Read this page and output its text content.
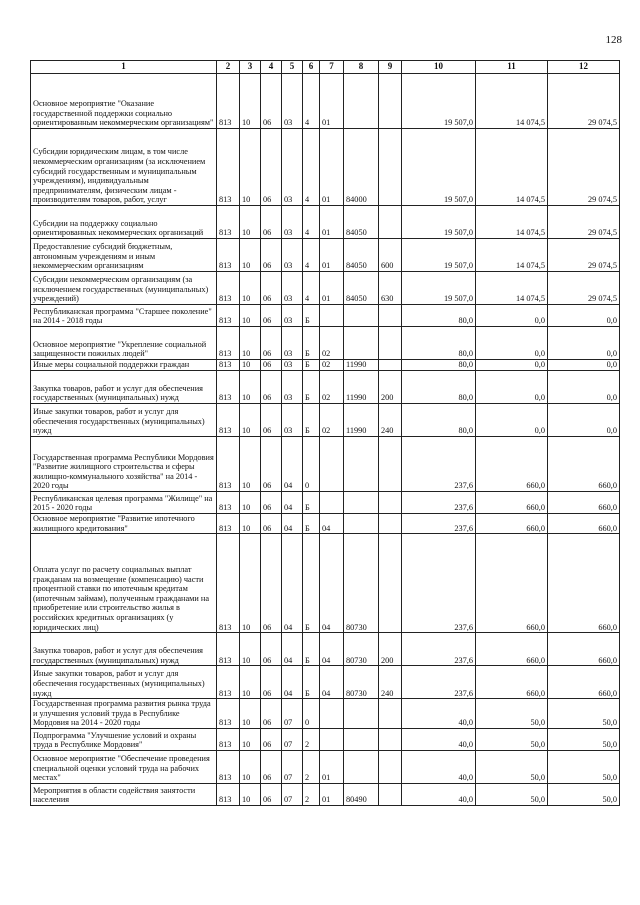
128
1	2	3	4	5	6	7	8	9	10	11	12
Основное мероприятие "Оказание государственной поддержки социально ориентированным некоммерческим организациям"	813	10	06	03	4	01			19 507,0	14 074,5	29 074,5
Субсидии юридическим лицам, в том числе некоммерческим организациям (за исключением субсидий государственным и муниципальным учреждениям), индивидуальным предпринимателям, физическим лицам - производителям товаров, работ, услуг	813	10	06	03	4	01	84000		19 507,0	14 074,5	29 074,5
Субсидии на поддержку социально ориентированных некоммерческих организаций	813	10	06	03	4	01	84050		19 507,0	14 074,5	29 074,5
Предоставление субсидий бюджетным, автономным учреждениям и иным некоммерческим организациям	813	10	06	03	4	01	84050	600	19 507,0	14 074,5	29 074,5
Субсидии некоммерческим организациям (за исключением государственных (муниципальных) учреждений)	813	10	06	03	4	01	84050	630	19 507,0	14 074,5	29 074,5
Республиканская программа "Старшее поколение" на 2014 - 2018 годы	813	10	06	03	Б				80,0	0,0	0,0
Основное мероприятие "Укрепление социальной защищенности пожилых людей"	813	10	06	03	Б	02			80,0	0,0	0,0
Иные меры социальной поддержки граждан	813	10	06	03	Б	02	11990		80,0	0,0	0,0
Закупка товаров, работ и услуг для обеспечения государственных (муниципальных) нужд	813	10	06	03	Б	02	11990	200	80,0	0,0	0,0
Иные закупки товаров, работ и услуг для обеспечения государственных (муниципальных) нужд	813	10	06	03	Б	02	11990	240	80,0	0,0	0,0
Государственная программа Республики Мордовия "Развитие жилищного строительства и сферы жилищно-коммунального хозяйства" на 2014 - 2020 годы	813	10	06	04	0				237,6	660,0	660,0
Республиканская целевая программа "Жилище" на 2015 - 2020 годы	813	10	06	04	Б				237,6	660,0	660,0
Основное мероприятие "Развитие ипотечного жилищного кредитования"	813	10	06	04	Б	04			237,6	660,0	660,0
Оплата услуг по расчету социальных выплат гражданам на возмещение (компенсацию) части процентной ставки по ипотечным кредитам (ипотечным займам), полученным гражданами на приобретение или строительство жилья в российских кредитных организациях (у юридических лиц)	813	10	06	04	Б	04	80730		237,6	660,0	660,0
Закупка товаров, работ и услуг для обеспечения государственных (муниципальных) нужд	813	10	06	04	Б	04	80730	200	237,6	660,0	660,0
Иные закупки товаров, работ и услуг для обеспечения государственных (муниципальных) нужд	813	10	06	04	Б	04	80730	240	237,6	660,0	660,0
Государственная программа развития рынка труда и улучшения условий труда в Республике Мордовия на 2014 - 2020 годы	813	10	06	07	0				40,0	50,0	50,0
Подпрограмма "Улучшение условий и охраны труда в Республике Мордовия"	813	10	06	07	2				40,0	50,0	50,0
Основное мероприятие "Обеспечение проведения специальной оценки условий труда на рабочих местах"	813	10	06	07	2	01			40,0	50,0	50,0
Мероприятия в области содействия занятости населения	813	10	06	07	2	01	80490		40,0	50,0	50,0
